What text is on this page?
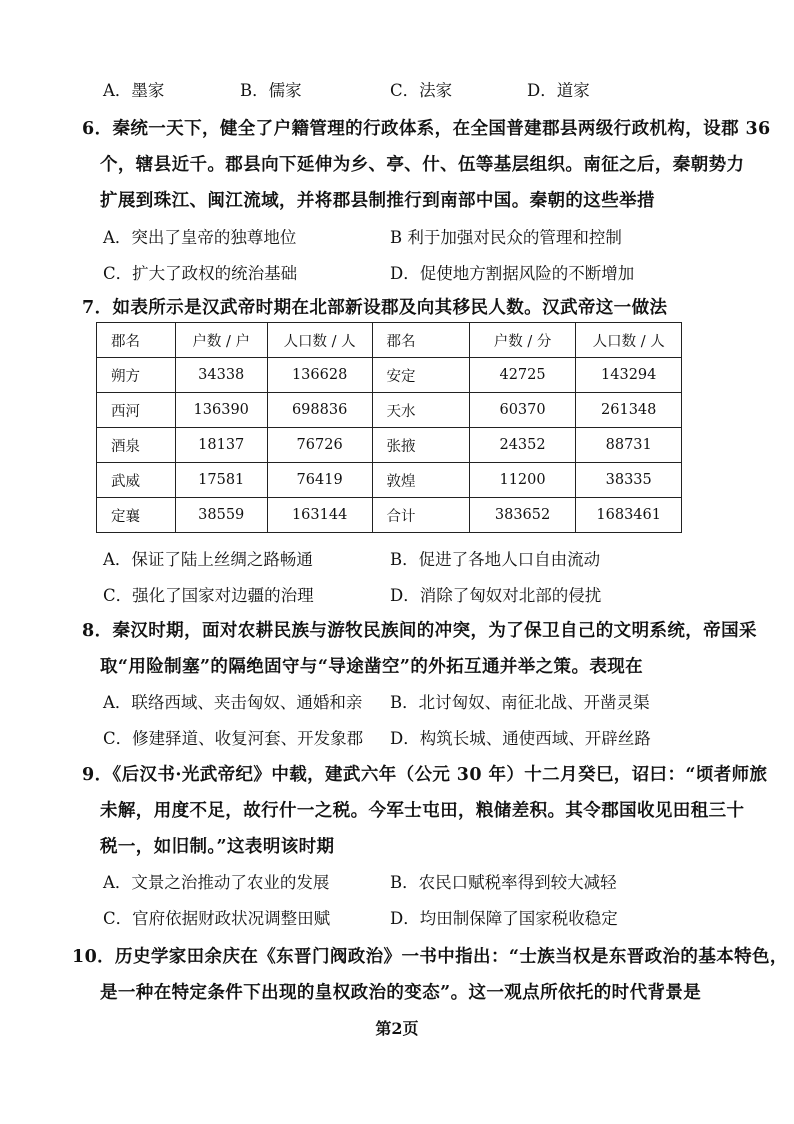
A．墨家	B．儒家	C．法家	D．道家
6．秦统一天下，健全了户籍管理的行政体系，在全国普建郡县两级行政机构，设郡 36
个，辖县近千。郡县向下延伸为乡、亭、什、伍等基层组织。南征之后，秦朝势力
扩展到珠江、闽江流域，并将郡县制推行到南部中国。秦朝的这些举措
A．突出了皇帝的独尊地位	B 利于加强对民众的管理和控制
C．扩大了政权的统治基础	D．促使地方割据风险的不断增加
7．如表所示是汉武帝时期在北部新设郡及向其移民人数。汉武帝这一做法
郡名	户数 / 户	人口数 / 人	郡名	户数 / 分	人口数 / 人
朔方	34338	136628	安定	42725	143294
西河	136390	698836	天水	60370	261348
酒泉	18137	76726	张掖	24352	88731
武威	17581	76419	敦煌	11200	38335
定襄	38559	163144	合计	383652	1683461
A．保证了陆上丝绸之路畅通	B．促进了各地人口自由流动
C．强化了国家对边疆的治理	D．消除了匈奴对北部的侵扰
8．秦汉时期，面对农耕民族与游牧民族间的冲突，为了保卫自己的文明系统，帝国采
取“用险制塞”的隔绝固守与“导途凿空”的外拓互通并举之策。表现在
A．联络西域、夹击匈奴、通婚和亲 B．北讨匈奴、南征北战、开凿灵渠
C．修建驿道、收复河套、开发象郡 D．构筑长城、通使西域、开辟丝路
9．《后汉书·光武帝纪》中载，建武六年（公元 30 年）十二月癸巳，诏曰：“顷者师旅
未解，用度不足，故行什一之税。今军士屯田，粮储差积。其令郡国收见田租三十
税一，如旧制。”这表明该时期
A．文景之治推动了农业的发展	B．农民口赋税率得到较大减轻
C．官府依据财政状况调整田赋	D．均田制保障了国家税收稳定
10．历史学家田余庆在《东晋门阀政治》一书中指出：“士族当权是东晋政治的基本特色，
是一种在特定条件下出现的皇权政治的变态”。这一观点所依托的时代背景是
第2页
